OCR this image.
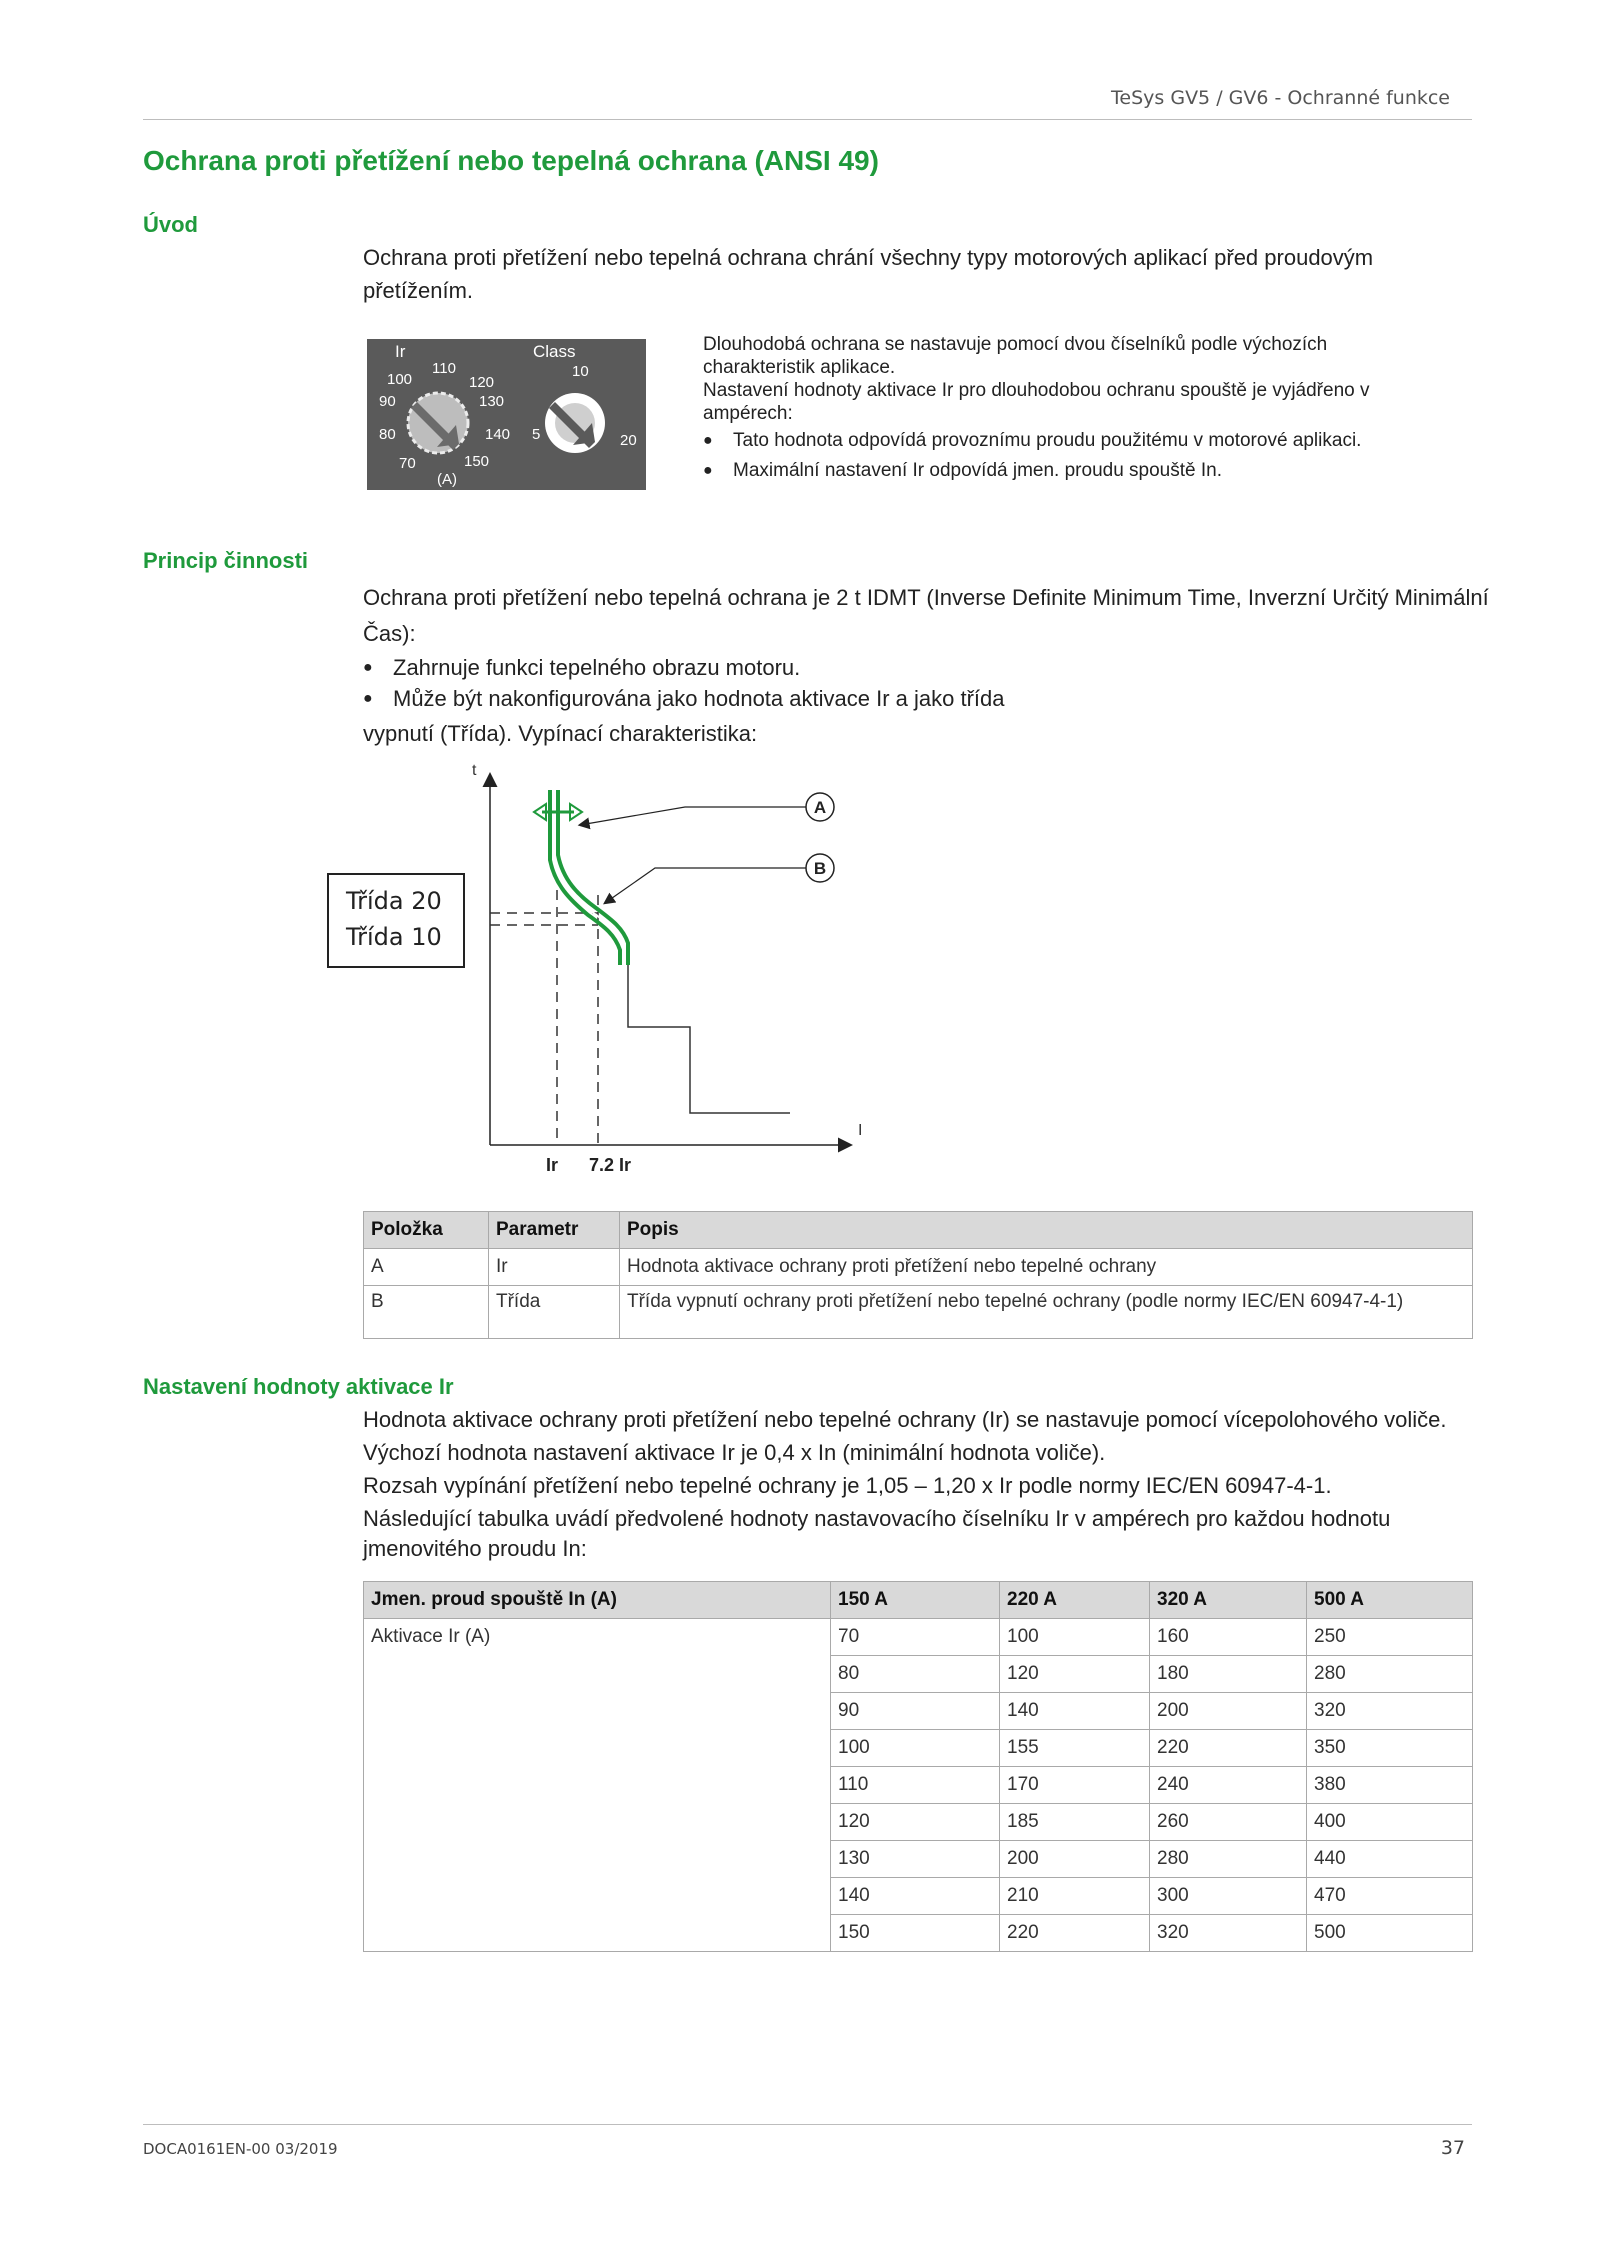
TeSys GV5 / GV6 - Ochranné funkce
Ochrana proti přetížení nebo tepelná ochrana (ANSI 49)
Úvod
Ochrana proti přetížení nebo tepelná ochrana chrání všechny typy motorových aplikací před proudovým přetížením.
Ir
100
110
120
90	130
80	140
70	150
(A)
Class
10
5	20
Dlouhodobá ochrana se nastavuje pomocí dvou číselníků podle výchozích charakteristik aplikace.
Nastavení hodnoty aktivace Ir pro dlouhodobou ochranu spouště je vyjádřeno v ampérech:
● Tato hodnota odpovídá provoznímu proudu použitému v motorové aplikaci.
● Maximální nastavení Ir odpovídá jmen. proudu spouště In.
Princip činnosti
Ochrana proti přetížení nebo tepelná ochrana je 2 t IDMT (Inverse Definite Minimum Time, Inverzní Určitý Minimální Čas):
● Zahrnuje funkci tepelného obrazu motoru.
● Může být nakonfigurována jako hodnota aktivace Ir a jako třída
vypnutí (Třída). Vypínací charakteristika:
t
I
A
B
Ir 7.2 Ir
Třída 20
Třída 10
Položka	Parametr	Popis
A	Ir	Hodnota aktivace ochrany proti přetížení nebo tepelné ochrany
B	Třída	Třída vypnutí ochrany proti přetížení nebo tepelné ochrany (podle normy IEC/EN 60947-4-1)
Nastavení hodnoty aktivace Ir
Hodnota aktivace ochrany proti přetížení nebo tepelné ochrany (Ir) se nastavuje pomocí vícepolohového voliče. Výchozí hodnota nastavení aktivace Ir je 0,4 x In (minimální hodnota voliče).
Rozsah vypínání přetížení nebo tepelné ochrany je 1,05 – 1,20 x Ir podle normy IEC/EN 60947-4-1.
Následující tabulka uvádí předvolené hodnoty nastavovacího číselníku Ir v ampérech pro každou hodnotu jmenovitého proudu In:
Jmen. proud spouště In (A)	150 A	220 A	320 A	500 A
Aktivace Ir (A)	70	100	160	250
	80	120	180	280
	90	140	200	320
	100	155	220	350
	110	170	240	380
	120	185	260	400
	130	200	280	440
	140	210	300	470
	150	220	320	500
DOCA0161EN-00 03/2019	37
